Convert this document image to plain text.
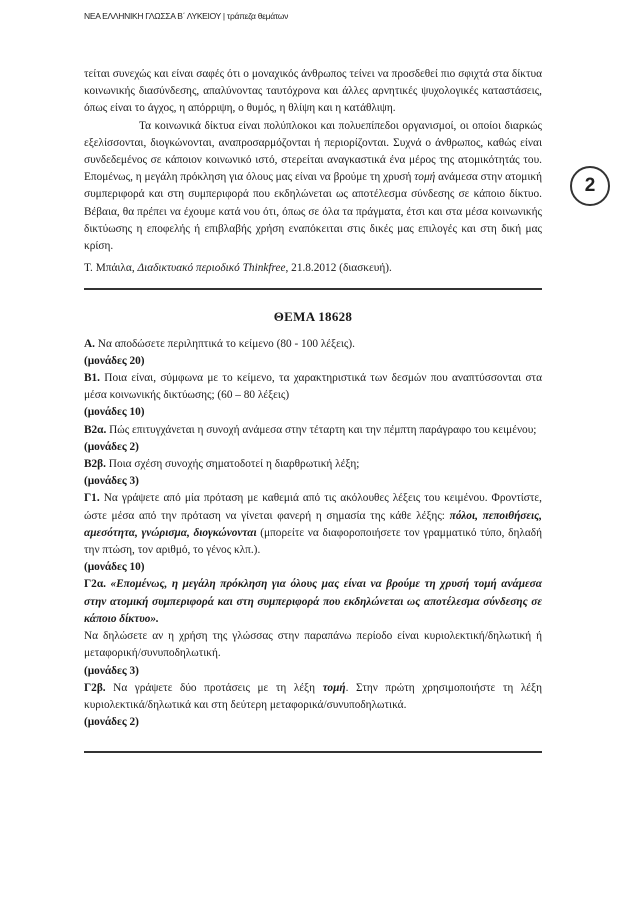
ΝΕΑ ΕΛΛΗΝΙΚΗ ΓΛΩΣΣΑ Β΄ ΛΥΚΕΙΟΥ | τράπεζα θεμάτων
2

τείται συνεχώς και είναι σαφές ότι ο μοναχικός άνθρωπος τείνει να προσδεθεί πιο σφιχτά στα δίκτυα κοινωνικής διασύνδεσης, απαλύνοντας ταυτόχρονα και άλλες αρνητικές ψυχολογικές καταστάσεις, όπως είναι το άγχος, η απόρριψη, ο θυμός, η θλίψη και η κατάθλιψη.

Τα κοινωνικά δίκτυα είναι πολύπλοκοι και πολυεπίπεδοι οργανισμοί, οι οποίοι διαρκώς εξελίσσονται, διογκώνονται, αναπροσαρμόζονται ή περιορίζονται. Συχνά ο άνθρωπος, καθώς είναι συνδεδεμένος σε κάποιον κοινωνικό ιστό, στερείται αναγκαστικά ένα μέρος της ατομικότητάς του. Επομένως, η μεγάλη πρόκληση για όλους μας είναι να βρούμε τη χρυσή τομή ανάμεσα στην ατομική συμπεριφορά και στη συμπεριφορά που εκδηλώνεται ως αποτέλεσμα σύνδεσης σε κάποιο δίκτυο. Βέβαια, θα πρέπει να έχουμε κατά νου ότι, όπως σε όλα τα πράγματα, έτσι και στα μέσα κοινωνικής δικτύωσης η εποφελής ή επιβλαβής χρήση εναπόκειται στις δικές μας επιλογές και στη δική μας κρίση.

Τ. Μπάιλα, Διαδικτυακό περιοδικό Thinkfree, 21.8.2012 (διασκευή).

ΘΕΜΑ 18628

Α. Να αποδώσετε περιληπτικά το κείμενο (80 - 100 λέξεις).

(μονάδες 20)

Β1. Ποια είναι, σύμφωνα με το κείμενο, τα χαρακτηριστικά των δεσμών που αναπτύσσονται στα μέσα κοινωνικής δικτύωσης; (60 – 80 λέξεις)

(μονάδες 10)

Β2α. Πώς επιτυγχάνεται η συνοχή ανάμεσα στην τέταρτη και την πέμπτη παράγραφο του κειμένου;

(μονάδες 2)

Β2β. Ποια σχέση συνοχής σηματοδοτεί η διαρθρωτική λέξη;

(μονάδες 3)

Γ1. Να γράψετε από μία πρόταση με καθεμιά από τις ακόλουθες λέξεις του κειμένου. Φροντίστε, ώστε μέσα από την πρόταση να γίνεται φανερή η σημασία της κάθε λέξης: πόλοι, πεποιθήσεις, αμεσότητα, γνώρισμα, διογκώνονται (μπορείτε να διαφοροποιήσετε τον γραμματικό τύπο, δηλαδή την πτώση, τον αριθμό, το γένος κλπ.).

(μονάδες 10)

Γ2α. «Επομένως, η μεγάλη πρόκληση για όλους μας είναι να βρούμε τη χρυσή τομή ανάμεσα στην ατομική συμπεριφορά και στη συμπεριφορά που εκδηλώνεται ως αποτέλεσμα σύνδεσης σε κάποιο δίκτυο».

Να δηλώσετε αν η χρήση της γλώσσας στην παραπάνω περίοδο είναι κυριολεκτική/δηλωτική ή μεταφορική/συνυποδηλωτική.

(μονάδες 3)

Γ2β. Να γράψετε δύο προτάσεις με τη λέξη τομή. Στην πρώτη χρησιμοποιήστε τη λέξη κυριολεκτικά/δηλωτικά και στη δεύτερη μεταφορικά/συνυποδηλωτικά.

(μονάδες 2)
